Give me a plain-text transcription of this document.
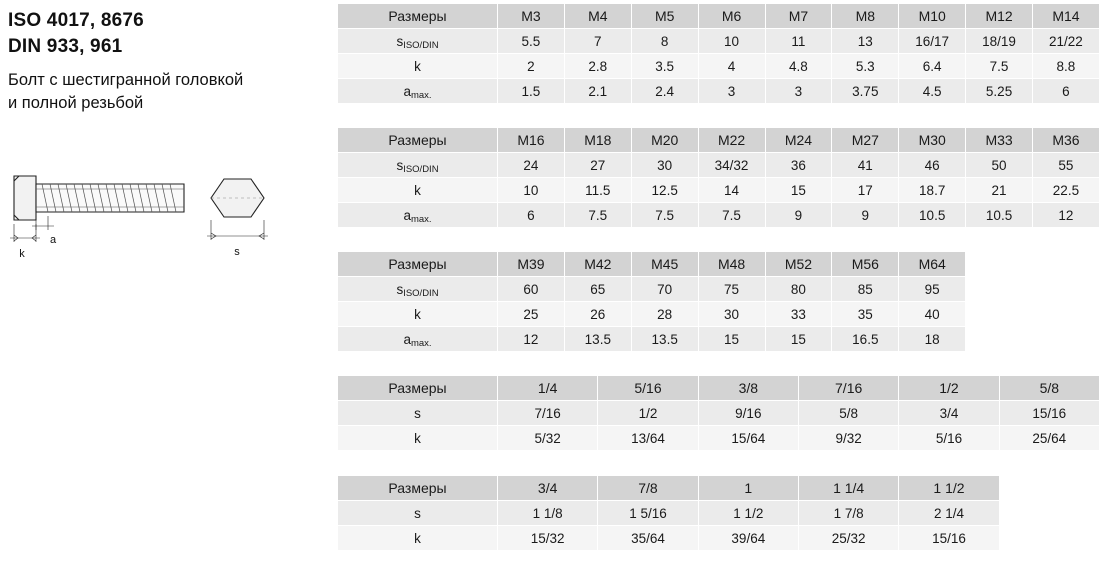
ISO 4017, 8676
DIN 933, 961
Болт с шестигранной головкой
и полной резьбой
k
a
s
Размеры	M3	M4	M5	M6	M7	M8	M10	M12	M14
sISO/DIN	5.5	7	8	10	11	13	16/17	18/19	21/22
k	2	2.8	3.5	4	4.8	5.3	6.4	7.5	8.8
amax.	1.5	2.1	2.4	3	3	3.75	4.5	5.25	6
Размеры	M16	M18	M20	M22	M24	M27	M30	M33	M36
sISO/DIN	24	27	30	34/32	36	41	46	50	55
k	10	11.5	12.5	14	15	17	18.7	21	22.5
amax.	6	7.5	7.5	7.5	9	9	10.5	10.5	12
Размеры	M39	M42	M45	M48	M52	M56	M64		
sISO/DIN	60	65	70	75	80	85	95		
k	25	26	28	30	33	35	40		
amax.	12	13.5	13.5	15	15	16.5	18		
Размеры	1/4	5/16	3/8	7/16	1/2	5/8
s	7/16	1/2	9/16	5/8	3/4	15/16
k	5/32	13/64	15/64	9/32	5/16	25/64
Размеры	3/4	7/8	1	1 1/4	1 1/2	
s	1 1/8	1 5/16	1 1/2	1 7/8	2 1/4	
k	15/32	35/64	39/64	25/32	15/16	
